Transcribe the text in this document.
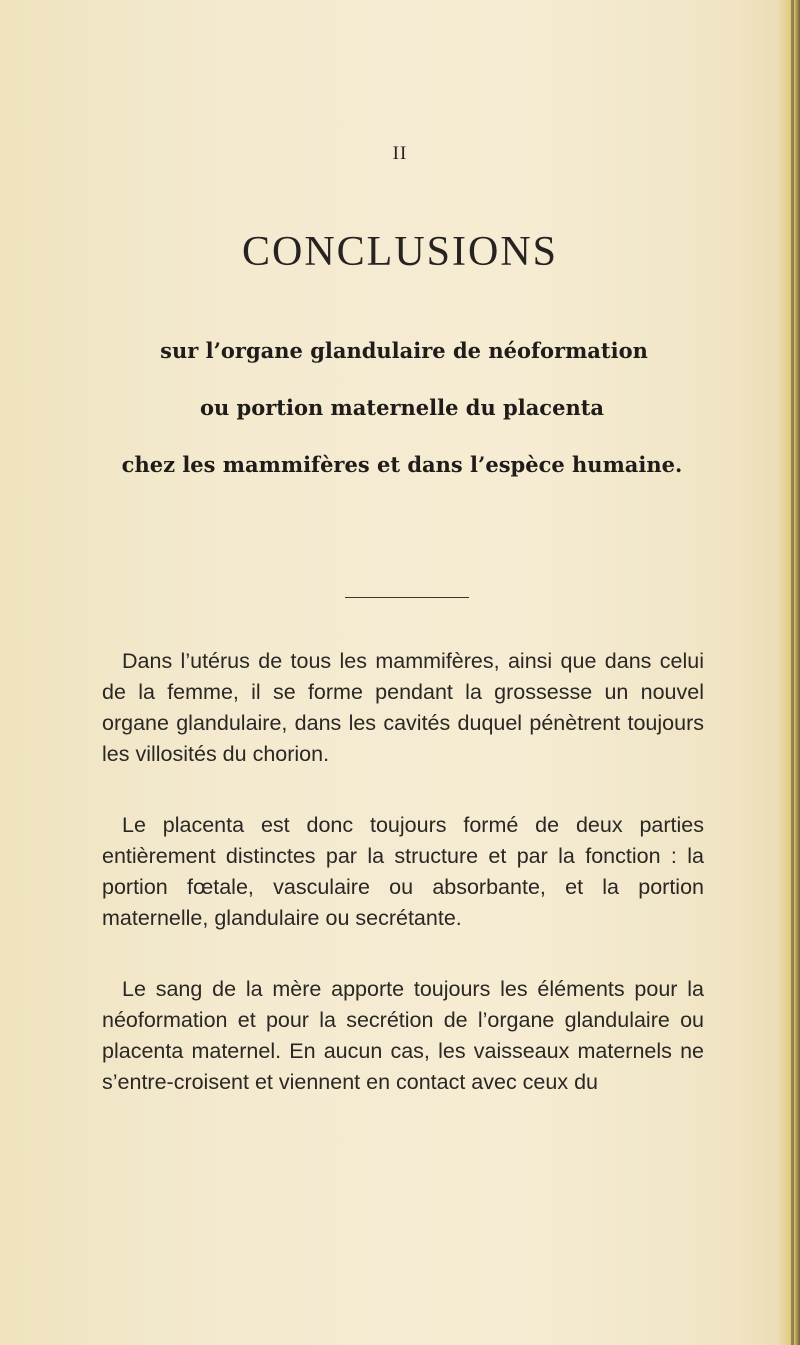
II
CONCLUSIONS
sur l’organe glandulaire de néoformation
ou portion maternelle du placenta
chez les mammifères et dans l’espèce humaine.

Dans l’utérus de tous les mammifères, ainsi que dans celui de la femme, il se forme pendant la grossesse un nouvel organe glandulaire, dans les cavités duquel pénètrent toujours les villosités du chorion.

Le placenta est donc toujours formé de deux parties entièrement distinctes par la structure et par la fonction : la portion fœtale, vasculaire ou absorbante, et la portion maternelle, glandulaire ou secrétante.

Le sang de la mère apporte toujours les éléments pour la néoformation et pour la secrétion de l’organe glandulaire ou placenta maternel. En aucun cas, les vaisseaux maternels ne s’entre-croisent et viennent en contact avec ceux du
